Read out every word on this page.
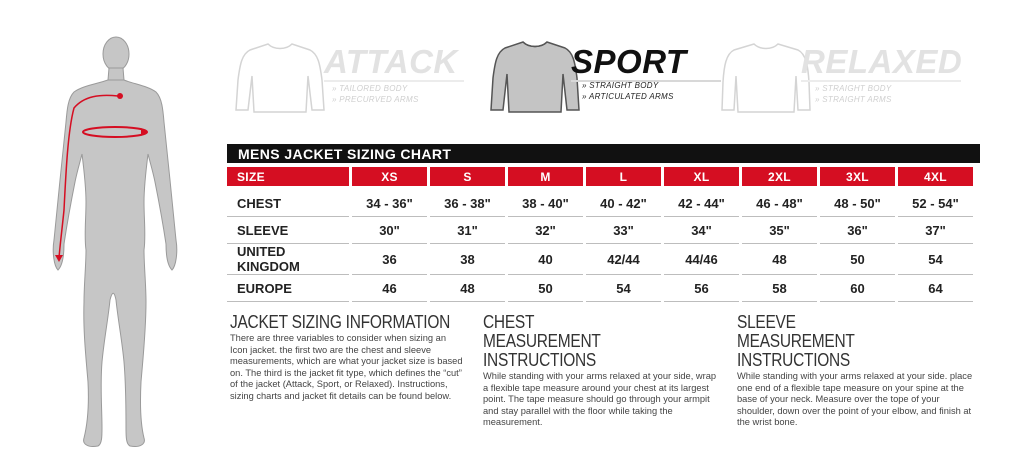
ATTACK
» TAILORED BODY
» PRECURVED ARMS
SPORT
» STRAIGHT BODY
» ARTICULATED ARMS
RELAXED
» STRAIGHT BODY
» STRAIGHT ARMS
MENS JACKET SIZING CHART
SIZE	XS	S	M	L	XL	2XL	3XL	4XL
CHEST	34 - 36"	36 - 38"	38 - 40"	40 - 42"	42 - 44"	46 - 48"	48 - 50"	52 - 54"
SLEEVE	30"	31"	32"	33"	34"	35"	36"	37"
UNITED KINGDOM	36	38	40	42/44	44/46	48	50	54
EUROPE	46	48	50	54	56	58	60	64
JACKET SIZING INFORMATION

There are three variables to consider when sizing an Icon jacket. the first two are the chest and sleeve measurements, which are what your jacket size is based on. The third is the jacket fit type, which defines the “cut” of the jacket (Attack, Sport, or Relaxed). Instructions, sizing charts and jacket fit details can be found below.

CHEST MEASUREMENT INSTRUCTIONS

While standing with your arms relaxed at your side, wrap a flexible tape measure around your chest at its largest point. The tape measure should go through your armpit and stay parallel with the floor while taking the measurement.

SLEEVE MEASUREMENT INSTRUCTIONS

While standing with your arms relaxed at your side. place one end of a flexible tape measure on your spine at the base of your neck. Measure over the tope of your shoulder, down over the point of your elbow, and finish at the wrist bone.
